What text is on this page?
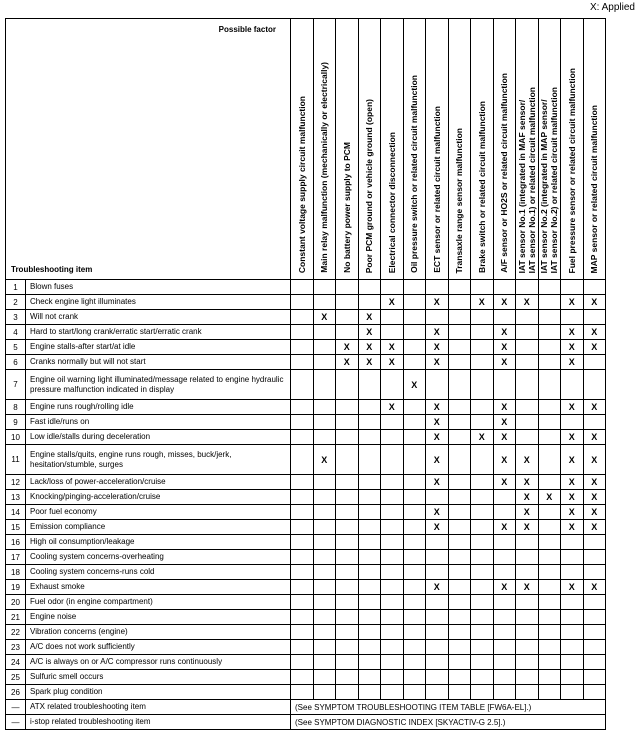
X: Applied
Possible factor
Troubleshooting item		Constant voltage supply circuit malfunction	Main relay malfunction (mechanically or electrically)	No battery power supply to PCM	Poor PCM ground or vehicle ground (open)	Electrical connector disconnection	Oil pressure switch or related circuit malfunction	ECT sensor or related circuit malfunction	Transaxle range sensor malfunction	Brake switch or related circuit malfunction	A/F sensor or HO2S or related circuit malfunction	IAT sensor No.1 (integrated in MAF sensor/
IAT sensor No.1) or related circuit malfunction	IAT sensor No.2 (integrated in MAP sensor/
IAT sensor No.2) or related circuit malfunction	Fuel pressure sensor or related circuit malfunction	MAP sensor or related circuit malfunction

1	Blown fuses														
2	Check engine light illuminates					X		X		X	X	X		X	X
3	Will not crank		X		X										
4	Hard to start/long crank/erratic start/erratic crank				X			X			X			X	X
5	Engine stalls-after start/at idle			X	X	X		X			X			X	X
6	Cranks normally but will not start			X	X	X		X			X			X	
7	Engine oil warning light illuminated/message related to engine hydraulic pressure malfunction indicated in display						X								
8	Engine runs rough/rolling idle					X		X			X			X	X
9	Fast idle/runs on							X			X				
10	Low idle/stalls during deceleration							X		X	X			X	X
11	Engine stalls/quits, engine runs rough, misses, buck/jerk, hesitation/stumble, surges		X					X			X	X		X	X
12	Lack/loss of power-acceleration/cruise							X			X	X		X	X
13	Knocking/pinging-acceleration/cruise											X	X	X	X
14	Poor fuel economy							X				X		X	X
15	Emission compliance							X			X	X		X	X
16	High oil consumption/leakage														
17	Cooling system concerns-overheating														
18	Cooling system concerns-runs cold														
19	Exhaust smoke							X			X	X		X	X
20	Fuel odor (in engine compartment)														
21	Engine noise														
22	Vibration concerns (engine)														
23	A/C does not work sufficiently														
24	A/C is always on or A/C compressor runs continuously														
25	Sulfuric smell occurs														
26	Spark plug condition														
—	ATX related troubleshooting item	(See SYMPTOM TROUBLESHOOTING ITEM TABLE [FW6A-EL].)													
—	i-stop related troubleshooting item	(See SYMPTOM DIAGNOSTIC INDEX [SKYACTIV-G 2.5].)													
